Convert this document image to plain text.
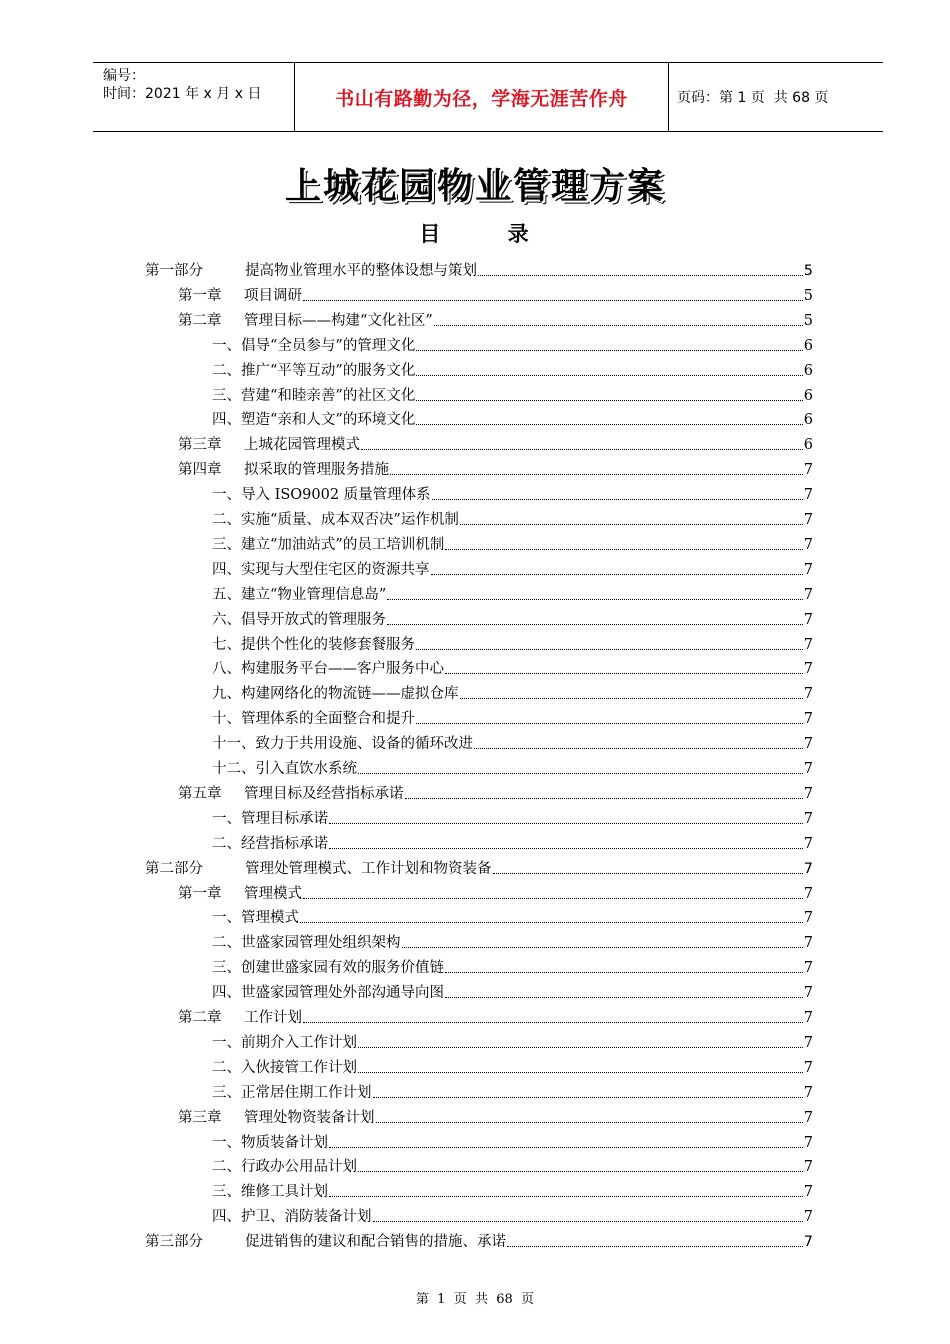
编号：
时间：2021 年 x 月 x 日	书山有路勤为径，学海无涯苦作舟	页码：第 1 页  共 68 页
上城花园物业管理方案
目 录
第一部分	提高物业管理水平的整体设想与策划	5
第一章	项目调研	5
第二章	管理目标——构建“文化社区”	5
一、倡导“全员参与”的管理文化	6
二、推广“平等互动”的服务文化	6
三、营建“和睦亲善”的社区文化	6
四、塑造“亲和人文”的环境文化	6
第三章	上城花园管理模式	6
第四章	拟采取的管理服务措施	7
一、导入 ISO9002 质量管理体系	7
二、实施“质量、成本双否决”运作机制	7
三、建立“加油站式”的员工培训机制	7
四、实现与大型住宅区的资源共享	7
五、建立“物业管理信息岛”	7
六、倡导开放式的管理服务	7
七、提供个性化的装修套餐服务	7
八、构建服务平台——客户服务中心	7
九、构建网络化的物流链——虚拟仓库	7
十、管理体系的全面整合和提升	7
十一、致力于共用设施、设备的循环改进	7
十二、引入直饮水系统	7
第五章	管理目标及经营指标承诺	7
一、管理目标承诺	7
二、经营指标承诺	7
第二部分	管理处管理模式、工作计划和物资装备	7
第一章	管理模式	7
一、管理模式	7
二、世盛家园管理处组织架构	7
三、创建世盛家园有效的服务价值链	7
四、世盛家园管理处外部沟通导向图	7
第二章	工作计划	7
一、前期介入工作计划	7
二、入伙接管工作计划	7
三、正常居住期工作计划	7
第三章	管理处物资装备计划	7
一、物质装备计划	7
二、行政办公用品计划	7
三、维修工具计划	7
四、护卫、消防装备计划	7
第三部分	促进销售的建议和配合销售的措施、承诺	7
第  1  页  共  68  页
